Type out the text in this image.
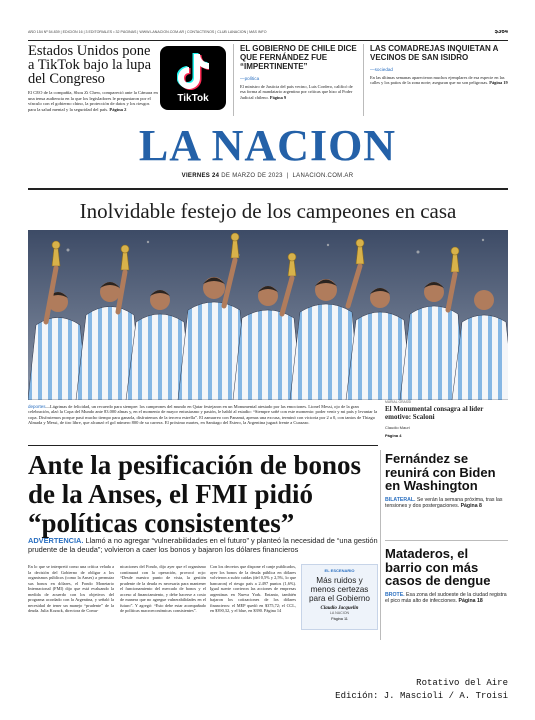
AÑO 154 Nº 54.839 | EDICIÓN 16 | 3 EDITORIALES • 32 PÁGINAS | WWW.LANACION.COM.AR | CONTACTENOS | CLUB LANACION | MÁS INFO	$364
Estados Unidos pone a TikTok bajo la lupa del Congreso

El CEO de la compañía, Shou Zi Chew, compareció ante la Cámara en una tensa audiencia en la que los legisladores le preguntaron por el vínculo con el gobierno chino, la protección de datos y los riesgos para la salud mental y la seguridad del país. Página 2

TikTok
EL GOBIERNO DE CHILE DICE QUE FERNÁNDEZ FUE “IMPERTINENTE”
—política

El ministro de Justicia del país vecino, Luis Cordero, calificó de esa forma al mandatario argentino por críticas que hizo al Poder Judicial chileno. Página 9

LAS COMADREJAS INQUIETAN A VECINOS DE SAN ISIDRO
—sociedad

En las últimas semanas aparecieron muchos ejemplares de esa especie en las calles y los patios de la zona norte; aseguran que no son peligrosas. Página 19

LA NACION
VIERNES 24 DE MARZO DE 2023  |  LANACION.COM.AR
Inolvidable festejo de los campeones en casa
deportes—Lágrimas de felicidad, un recuerdo para siempre: los campeones del mundo en Qatar festejaron en un Monumental atestado por las emociones. Lionel Messi, ojo de la gran celebración, alzó la Copa del Mundo ante 83.000 almas y, en el momento de mayor entusiasmo y pasión, le habló al estadio: “Siempre soñé con este momento: poder venir y mi país y levantar la copa. Disfrutemos porque pasó mucho tiempo para ganarla, disfrutemos de la tercera estrella”. El zamarreo con Panamá, apenas una excusa, terminó con victoria por 2 a 0, con tantos de Thiago Almada y Messi, de tiro libre, que alcanzó el gol número 800 de su carrera. El próximo martes, en Santiago del Estero, la Argentina jugará frente a Curazao.
MARIAL GRASSI
El Monumental consagra al líder emotivo: Scaloni
Claudio Mauri
Página 4
Ante la pesificación de bonos de la Anses, el FMI pidió “políticas consistentes”
ADVERTENCIA. Llamó a no agregar “vulnerabilidades en el futuro” y planteó la necesidad de “una gestión prudente de la deuda”; volvieron a caer los bonos y bajaron los dólares financieros
En lo que se interpretó como una crítica velada a la decisión del Gobierno de obligar a los organismos públicos (como la Anses) a permutar sus bonos en dólares, el Fondo Monetario Internacional (FMI) dijo que está evaluando la medida de acuerdo con los objetivos del programa acordado con la Argentina, y señaló la necesidad de tener un manejo “prudente” de la deuda. Julia Kozack, directora de Comu-
nicaciones del Fondo, dijo ayer que el organismo continuará con la operación, provocó rojo: “Desde nuestro punto de vista, la gestión prudente de la deuda es necesaria para mantener el funcionamiento del mercado de bonos y el acceso al financiamiento, y debe hacerse a costo de manera que no agregue vulnerabilidades en el futuro”. Y agregó: “Esto debe estar acompañado de políticas macroeconómicas consistentes”.
Con los decretos que dispone el canje publicados, ayer los bonos de la deuda pública en dólares volvieron a sufrir caídas (del 0,5% y 2,5%, lo que bancaron) el riesgo país a 2.497 puntos (1,6%). Igual suerte corrieron las acciones de empresas argentinas en Nueva York. Entanto, también bajaron los cotizaciones de los dólares financieros: el MEP quedó en $375,72; el CCL, en $390,32, y el blue, en $390. Página 14
EL ESCENARIO
Más ruidos y menos certezas para el Gobierno
Claudio Jacquelin
LA NACION
Página 11
Fernández se reunirá con Biden en Washington

BILATERAL. Se verán la semana próxima, tras las tensiones y dos postergaciones. Página 8

Mataderos, el barrio con más casos de dengue

BROTE. Esa zona del sudoeste de la ciudad registra el pico más alto de infecciones. Página 18

Rotativo del Aire
Edición: J. Mascioli / A. Troisi
